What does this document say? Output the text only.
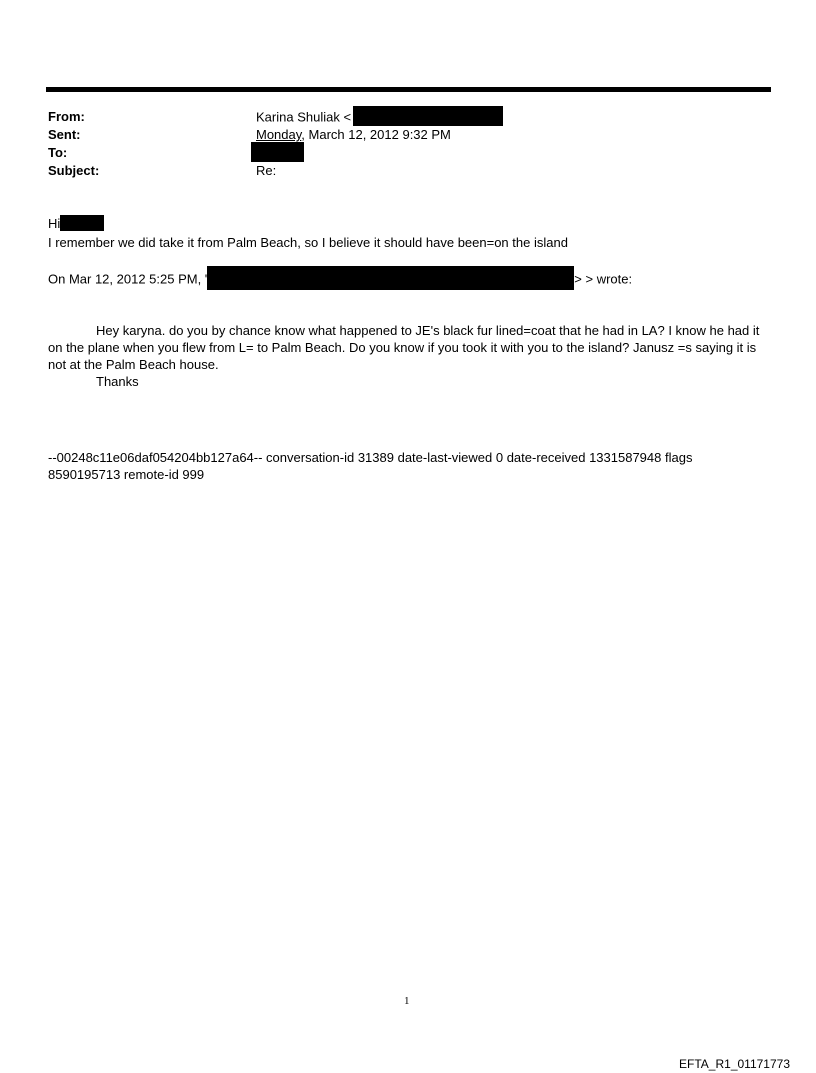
From:	Karina Shuliak <
Sent:	Monday, March 12, 2012 9:32 PM
To:
Subject:	Re:
Hi
I remember we did take it from Palm Beach, so I believe it should have been=on the island
On Mar 12, 2012 5:25 PM, '	> > wrote:

Hey karyna. do you by chance know what happened to JE's black fur lined=coat that he had in LA? I know he had it on the plane when you flew from L= to Palm Beach. Do you know if you took it with you to the island? Janusz =s saying it is not at the Palm Beach house.

Thanks
--00248c11e06daf054204bb127a64-- conversation-id 31389 date-last-viewed 0 date-received 1331587948 flags 8590195713 remote-id 999
1
EFTA_R1_01171773
